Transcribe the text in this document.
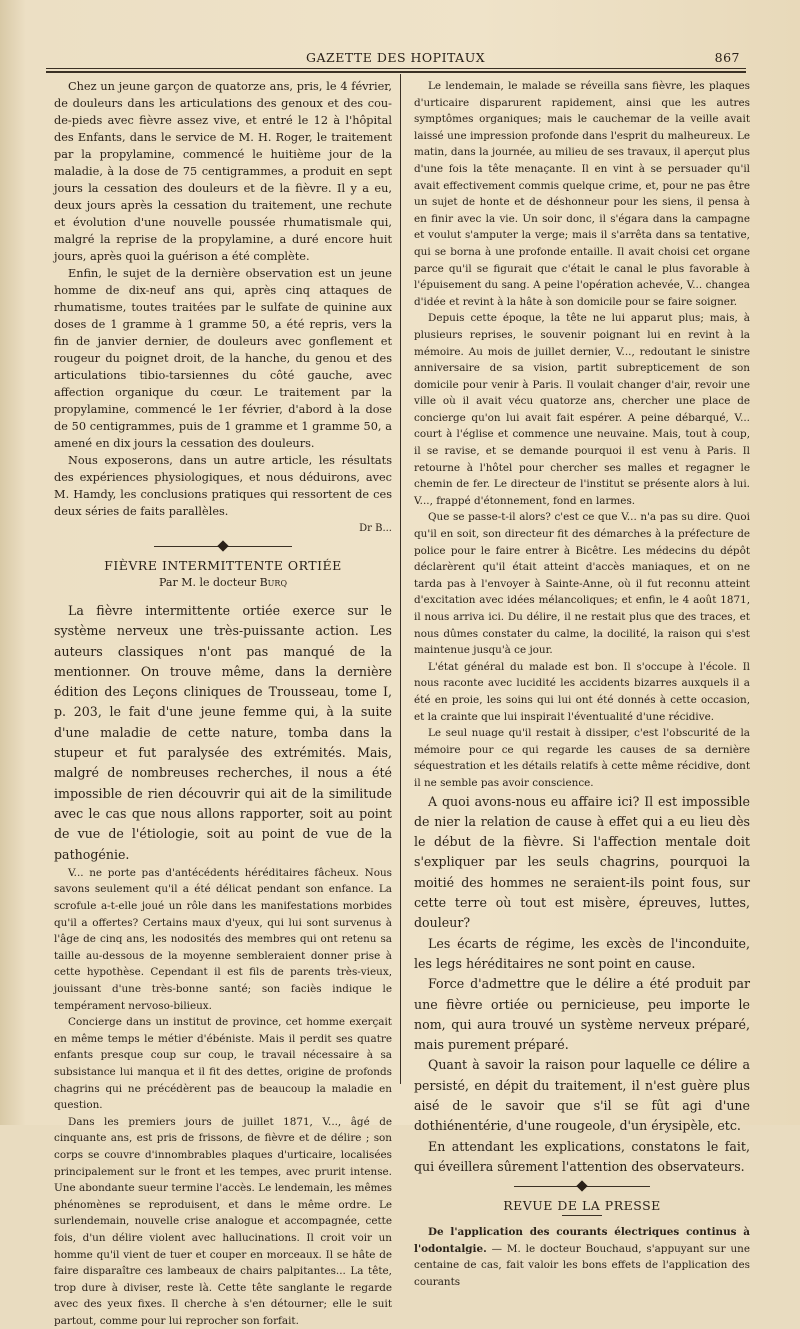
GAZETTE DES HOPITAUX	867

Chez un jeune garçon de quatorze ans, pris, le 4 février, de douleurs dans les articulations des genoux et des cou-de-pieds avec fièvre assez vive, et entré le 12 à l'hôpital des Enfants, dans le service de M. H. Roger, le traitement par la propylamine, commencé le huitième jour de la maladie, à la dose de 75 centigrammes, a produit en sept jours la cessation des douleurs et de la fièvre. Il y a eu, deux jours après la cessation du traitement, une rechute et évolution d'une nouvelle poussée rhumatismale qui, malgré la reprise de la propylamine, a duré encore huit jours, après quoi la guérison a été complète.

Enfin, le sujet de la dernière observation est un jeune homme de dix-neuf ans qui, après cinq attaques de rhumatisme, toutes traitées par le sulfate de quinine aux doses de 1 gramme à 1 gramme 50, a été repris, vers la fin de janvier dernier, de douleurs avec gonflement et rougeur du poignet droit, de la hanche, du genou et des articulations tibio-tarsiennes du côté gauche, avec affection organique du cœur. Le traitement par la propylamine, commencé le 1er février, d'abord à la dose de 50 centigrammes, puis de 1 gramme et 1 gramme 50, a amené en dix jours la cessation des douleurs.

Nous exposerons, dans un autre article, les résultats des expériences physiologiques, et nous déduirons, avec M. Hamdy, les conclusions pratiques qui ressortent de ces deux séries de faits parallèles.

Dr B...

FIÈVRE INTERMITTENTE ORTIÉE
Par M. le docteur Burq

La fièvre intermittente ortiée exerce sur le système nerveux une très-puissante action. Les auteurs classiques n'ont pas manqué de la mentionner. On trouve même, dans la dernière édition des Leçons cliniques de Trousseau, tome I, p. 203, le fait d'une jeune femme qui, à la suite d'une maladie de cette nature, tomba dans la stupeur et fut paralysée des extrémités. Mais, malgré de nombreuses recherches, il nous a été impossible de rien découvrir qui ait de la similitude avec le cas que nous allons rapporter, soit au point de vue de l'étiologie, soit au point de vue de la pathogénie.

V... ne porte pas d'antécédents héréditaires fâcheux. Nous savons seulement qu'il a été délicat pendant son enfance. La scrofule a-t-elle joué un rôle dans les manifestations morbides qu'il a offertes? Certains maux d'yeux, qui lui sont survenus à l'âge de cinq ans, les nodosités des membres qui ont retenu sa taille au-dessous de la moyenne sembleraient donner prise à cette hypothèse. Cependant il est fils de parents très-vieux, jouissant d'une très-bonne santé; son faciès indique le tempérament nervoso-bilieux.

Concierge dans un institut de province, cet homme exerçait en même temps le métier d'ébéniste. Mais il perdit ses quatre enfants presque coup sur coup, le travail nécessaire à sa subsistance lui manqua et il fit des dettes, origine de profonds chagrins qui ne précédèrent pas de beaucoup la maladie en question.

Dans les premiers jours de juillet 1871, V..., âgé de cinquante ans, est pris de frissons, de fièvre et de délire ; son corps se couvre d'innombrables plaques d'urticaire, localisées principalement sur le front et les tempes, avec prurit intense. Une abondante sueur termine l'accès. Le lendemain, les mêmes phénomènes se reproduisent, et dans le même ordre. Le surlendemain, nouvelle crise analogue et accompagnée, cette fois, d'un délire violent avec hallucinations. Il croit voir un homme qu'il vient de tuer et couper en morceaux. Il se hâte de faire disparaître ces lambeaux de chairs palpitantes... La tête, trop dure à diviser, reste là. Cette tête sanglante le regarde avec des yeux fixes. Il cherche à s'en détourner; elle le suit partout, comme pour lui reprocher son forfait.

Le lendemain, le malade se réveilla sans fièvre, les plaques d'urticaire disparurent rapidement, ainsi que les autres symptômes organiques; mais le cauchemar de la veille avait laissé une impression profonde dans l'esprit du malheureux. Le matin, dans la journée, au milieu de ses travaux, il aperçut plus d'une fois la tête menaçante. Il en vint à se persuader qu'il avait effectivement commis quelque crime, et, pour ne pas être un sujet de honte et de déshonneur pour les siens, il pensa à en finir avec la vie. Un soir donc, il s'égara dans la campagne et voulut s'amputer la verge; mais il s'arrêta dans sa tentative, qui se borna à une profonde entaille. Il avait choisi cet organe parce qu'il se figurait que c'était le canal le plus favorable à l'épuisement du sang. A peine l'opération achevée, V... changea d'idée et revint à la hâte à son domicile pour se faire soigner.

Depuis cette époque, la tête ne lui apparut plus; mais, à plusieurs reprises, le souvenir poignant lui en revint à la mémoire. Au mois de juillet dernier, V..., redoutant le sinistre anniversaire de sa vision, partit subrepticement de son domicile pour venir à Paris. Il voulait changer d'air, revoir une ville où il avait vécu quatorze ans, chercher une place de concierge qu'on lui avait fait espérer. A peine débarqué, V... court à l'église et commence une neuvaine. Mais, tout à coup, il se ravise, et se demande pourquoi il est venu à Paris. Il retourne à l'hôtel pour chercher ses malles et regagner le chemin de fer. Le directeur de l'institut se présente alors à lui. V..., frappé d'étonnement, fond en larmes.

Que se passe-t-il alors? c'est ce que V... n'a pas su dire. Quoi qu'il en soit, son directeur fit des démarches à la préfecture de police pour le faire entrer à Bicêtre. Les médecins du dépôt déclarèrent qu'il était atteint d'accès maniaques, et on ne tarda pas à l'envoyer à Sainte-Anne, où il fut reconnu atteint d'excitation avec idées mélancoliques; et enfin, le 4 août 1871, il nous arriva ici. Du délire, il ne restait plus que des traces, et nous dûmes constater du calme, la docilité, la raison qui s'est maintenue jusqu'à ce jour.

L'état général du malade est bon. Il s'occupe à l'école. Il nous raconte avec lucidité les accidents bizarres auxquels il a été en proie, les soins qui lui ont été donnés à cette occasion, et la crainte que lui inspirait l'éventualité d'une récidive.

Le seul nuage qu'il restait à dissiper, c'est l'obscurité de la mémoire pour ce qui regarde les causes de sa dernière séquestration et les détails relatifs à cette même récidive, dont il ne semble pas avoir conscience.

A quoi avons-nous eu affaire ici? Il est impossible de nier la relation de cause à effet qui a eu lieu dès le début de la fièvre. Si l'affection mentale doit s'expliquer par les seuls chagrins, pourquoi la moitié des hommes ne seraient-ils point fous, sur cette terre où tout est misère, épreuves, luttes, douleur?

Les écarts de régime, les excès de l'inconduite, les legs héréditaires ne sont point en cause.

Force d'admettre que le délire a été produit par une fièvre ortiée ou pernicieuse, peu importe le nom, qui aura trouvé un système nerveux préparé, mais purement préparé.

Quant à savoir la raison pour laquelle ce délire a persisté, en dépit du traitement, il n'est guère plus aisé de le savoir que s'il se fût agi d'une dothiénentérie, d'une rougeole, d'un érysipèle, etc.

En attendant les explications, constatons le fait, qui éveillera sûrement l'attention des observateurs.

REVUE DE LA PRESSE

De l'application des courants électriques continus à l'odontalgie. — M. le docteur Bouchaud, s'appuyant sur une centaine de cas, fait valoir les bons effets de l'application des courants
